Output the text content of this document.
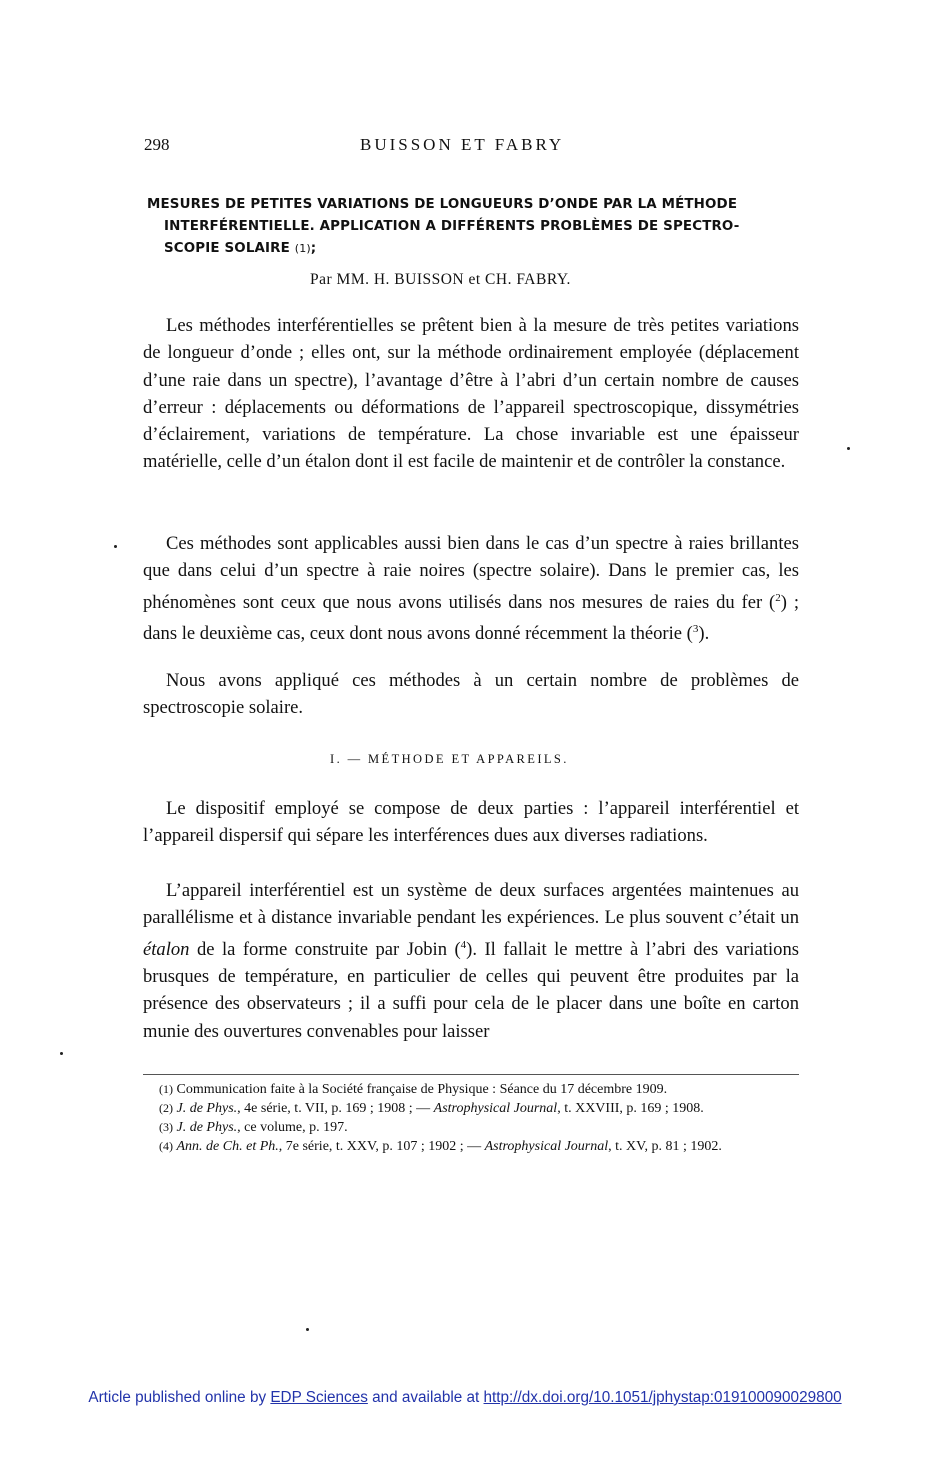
298	BUISSON ET FABRY
MESURES DE PETITES VARIATIONS DE LONGUEURS D’ONDE PAR LA MÉTHODE
INTERFÉRENTIELLE. APPLICATION A DIFFÉRENTS PROBLÈMES DE SPECTRO-
SCOPIE SOLAIRE (1);
Par MM. H. BUISSON et CH. FABRY.

Les méthodes interférentielles se prêtent bien à la mesure de très petites variations de longueur d’onde ; elles ont, sur la méthode ordinairement employée (déplacement d’une raie dans un spectre), l’avantage d’être à l’abri d’un certain nombre de causes d’erreur : déplacements ou déformations de l’appareil spectroscopique, dissymétries d’éclairement, variations de température. La chose invariable est une épaisseur matérielle, celle d’un étalon dont il est facile de maintenir et de contrôler la constance.

Ces méthodes sont applicables aussi bien dans le cas d’un spectre à raies brillantes que dans celui d’un spectre à raie noires (spectre solaire). Dans le premier cas, les phénomènes sont ceux que nous avons utilisés dans nos mesures de raies du fer ($^2$) ; dans le deuxième cas, ceux dont nous avons donné récemment la théorie ($^3$).

Nous avons appliqué ces méthodes à un certain nombre de problèmes de spectroscopie solaire.

I. — MÉTHODE ET APPAREILS.

Le dispositif employé se compose de deux parties : l’appareil interférentiel et l’appareil dispersif qui sépare les interférences dues aux diverses radiations.

L’appareil interférentiel est un système de deux surfaces argentées maintenues au parallélisme et à distance invariable pendant les expériences. Le plus souvent c’était un étalon de la forme construite par Jobin ($^4$). Il fallait le mettre à l’abri des variations brusques de température, en particulier de celles qui peuvent être produites par la présence des observateurs ; il a suffi pour cela de le placer dans une boîte en carton munie des ouvertures convenables pour laisser

(1) Communication faite à la Société française de Physique : Séance du 17 décembre 1909.

(2) J. de Phys., 4e série, t. VII, p. 169 ; 1908 ; — Astrophysical Journal, t. XXVIII, p. 169 ; 1908.

(3) J. de Phys., ce volume, p. 197.

(4) Ann. de Ch. et Ph., 7e série, t. XXV, p. 107 ; 1902 ; — Astrophysical Journal, t. XV, p. 81 ; 1902.

Article published online by EDP Sciences and available at http://dx.doi.org/10.1051/jphystap:019100090029800
